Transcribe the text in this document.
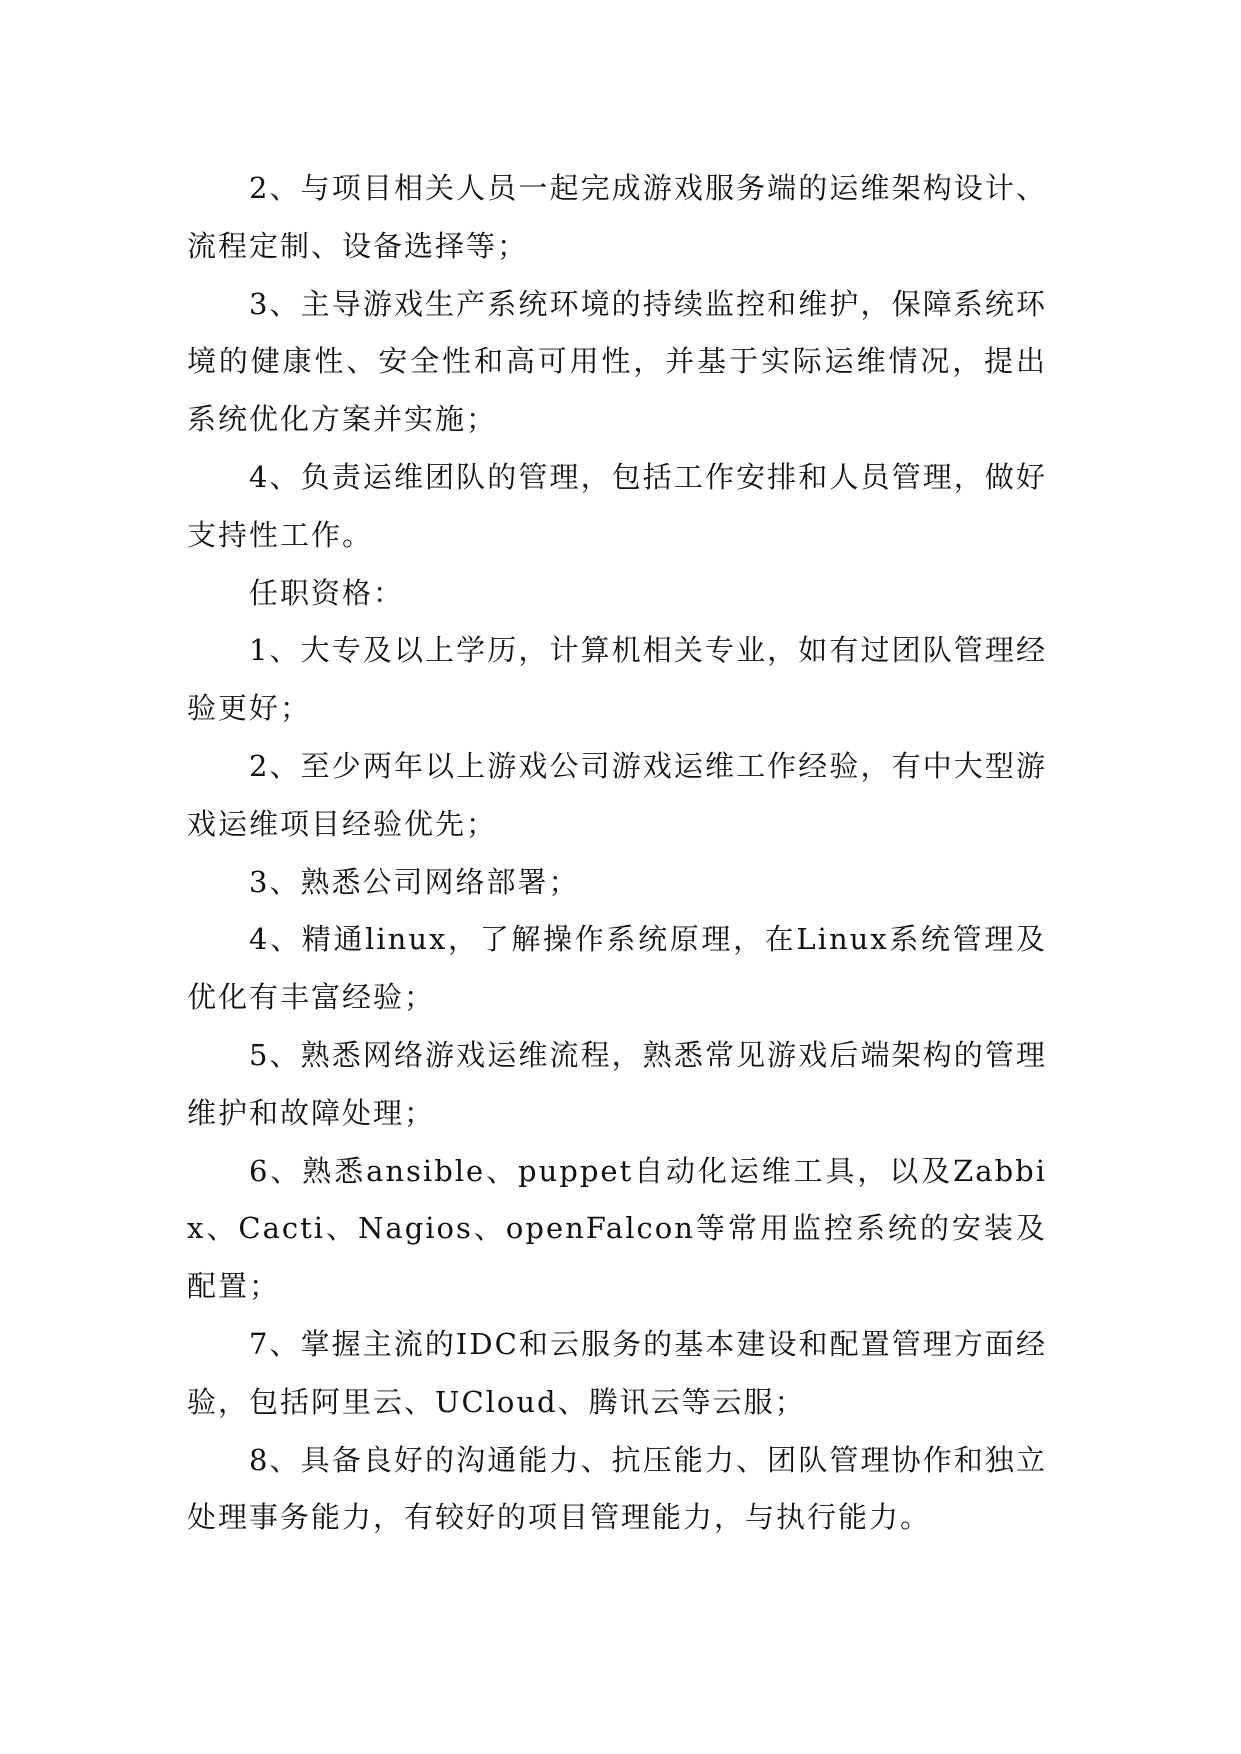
2、与项目相关人员一起完成游戏服务端的运维架构设计、流程定制、设备选择等；

3、主导游戏生产系统环境的持续监控和维护，保障系统环境的健康性、安全性和高可用性，并基于实际运维情况，提出系统优化方案并实施；

4、负责运维团队的管理，包括工作安排和人员管理，做好支持性工作。

任职资格：

1、大专及以上学历，计算机相关专业，如有过团队管理经验更好；

2、至少两年以上游戏公司游戏运维工作经验，有中大型游戏运维项目经验优先；

3、熟悉公司网络部署；

4、精通linux，了解操作系统原理，在Linux系统管理及优化有丰富经验；

5、熟悉网络游戏运维流程，熟悉常见游戏后端架构的管理维护和故障处理；

6、熟悉ansible、puppet自动化运维工具，以及Zabbix、Cacti、Nagios、openFalcon等常用监控系统的安装及配置；

7、掌握主流的IDC和云服务的基本建设和配置管理方面经验，包括阿里云、UCloud、腾讯云等云服；

8、具备良好的沟通能力、抗压能力、团队管理协作和独立处理事务能力，有较好的项目管理能力，与执行能力。
